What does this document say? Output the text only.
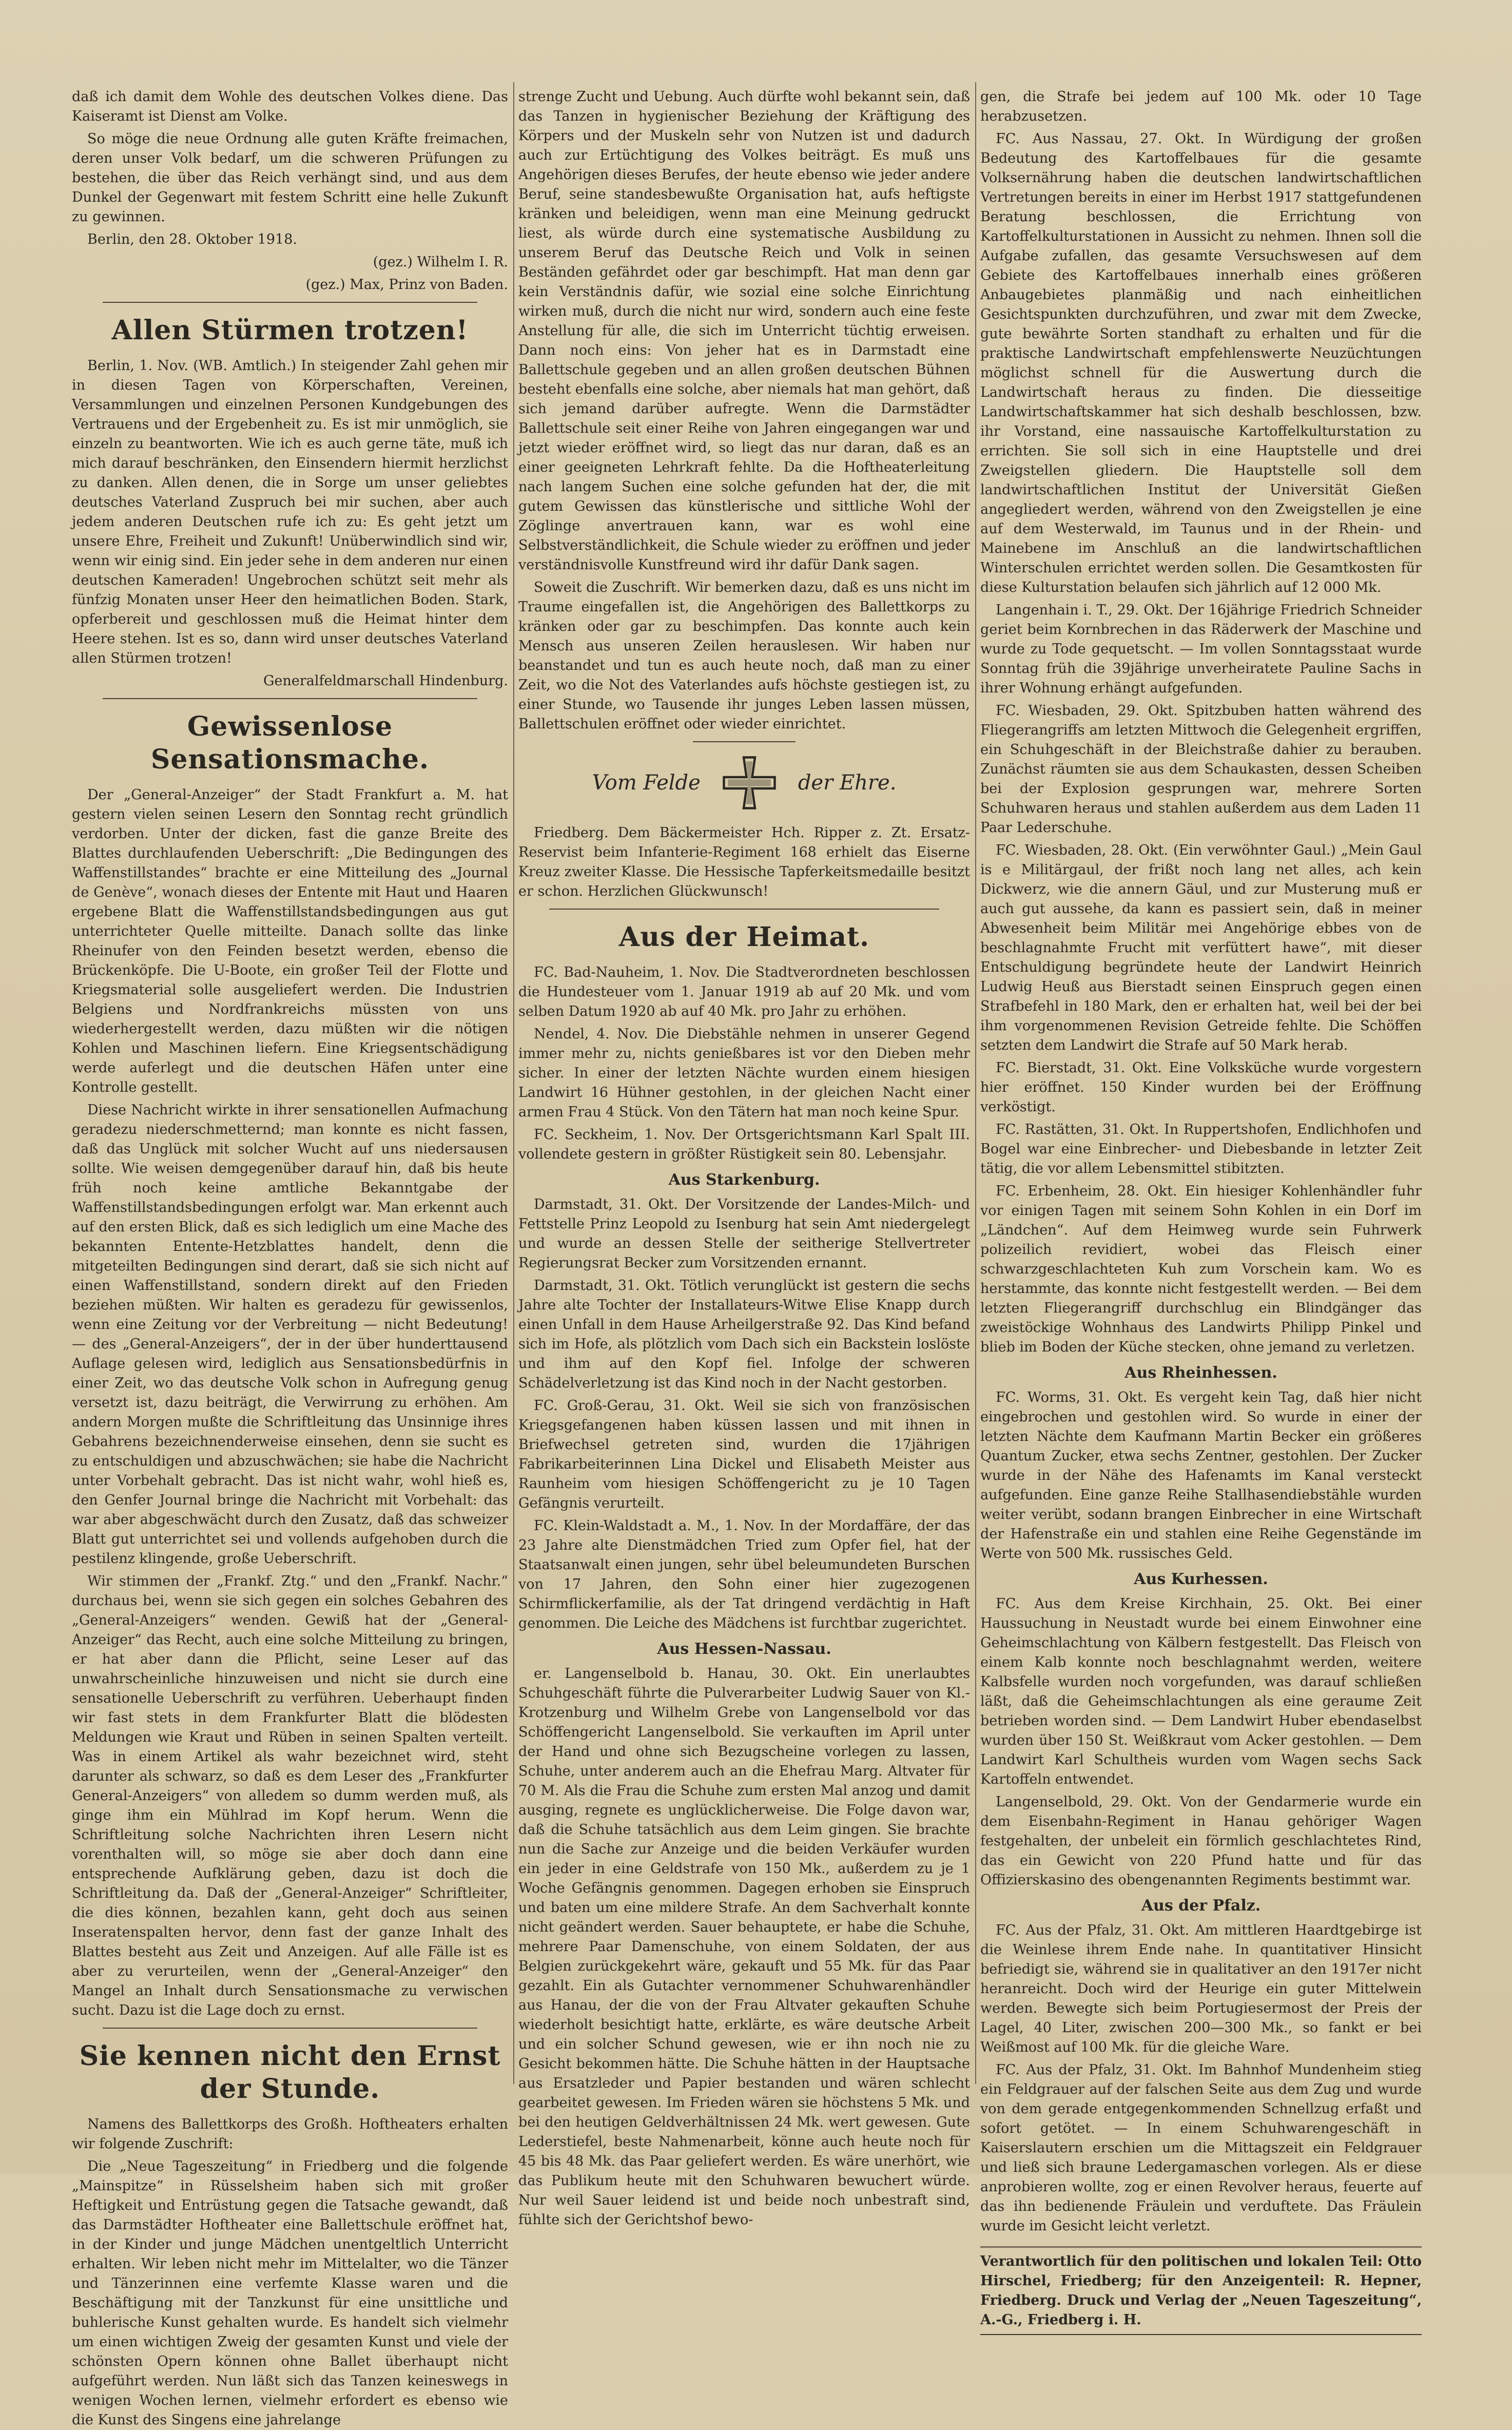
daß ich damit dem Wohle des deutschen Volkes diene. Das Kaiseramt ist Dienst am Volke.

So möge die neue Ordnung alle guten Kräfte freimachen, deren unser Volk bedarf, um die schweren Prüfungen zu bestehen, die über das Reich verhängt sind, und aus dem Dunkel der Gegenwart mit festem Schritt eine helle Zukunft zu gewinnen.

Berlin, den 28. Oktober 1918.

(gez.) Wilhelm I. R.

(gez.) Max, Prinz von Baden.

Allen Stürmen trotzen!

Berlin, 1. Nov. (WB. Amtlich.) In steigender Zahl gehen mir in diesen Tagen von Körperschaften, Vereinen, Versammlungen und einzelnen Personen Kundgebungen des Vertrauens und der Ergebenheit zu. Es ist mir unmöglich, sie einzeln zu beantworten. Wie ich es auch gerne täte, muß ich mich darauf beschränken, den Einsendern hiermit herzlichst zu danken. Allen denen, die in Sorge um unser geliebtes deutsches Vaterland Zuspruch bei mir suchen, aber auch jedem anderen Deutschen rufe ich zu: Es geht jetzt um unsere Ehre, Freiheit und Zukunft! Unüberwindlich sind wir, wenn wir einig sind. Ein jeder sehe in dem anderen nur einen deutschen Kameraden! Ungebrochen schützt seit mehr als fünfzig Monaten unser Heer den heimatlichen Boden. Stark, opferbereit und geschlossen muß die Heimat hinter dem Heere stehen. Ist es so, dann wird unser deutsches Vaterland allen Stürmen trotzen!

Generalfeldmarschall Hindenburg.

Gewissenlose Sensationsmache.

Der „General-Anzeiger“ der Stadt Frankfurt a. M. hat gestern vielen seinen Lesern den Sonntag recht gründlich verdorben. Unter der dicken, fast die ganze Breite des Blattes durchlaufenden Ueberschrift: „Die Bedingungen des Waffenstillstandes“ brachte er eine Mitteilung des „Journal de Genève“, wonach dieses der Entente mit Haut und Haaren ergebene Blatt die Waffenstillstandsbedingungen aus gut unterrichteter Quelle mitteilte. Danach sollte das linke Rheinufer von den Feinden besetzt werden, ebenso die Brückenköpfe. Die U-Boote, ein großer Teil der Flotte und Kriegsmaterial solle ausgeliefert werden. Die Industrien Belgiens und Nordfrankreichs müssten von uns wiederhergestellt werden, dazu müßten wir die nötigen Kohlen und Maschinen liefern. Eine Kriegsentschädigung werde auferlegt und die deutschen Häfen unter eine Kontrolle gestellt.

Diese Nachricht wirkte in ihrer sensationellen Aufmachung geradezu niederschmetternd; man konnte es nicht fassen, daß das Unglück mit solcher Wucht auf uns niedersausen sollte. Wie weisen demgegenüber darauf hin, daß bis heute früh noch keine amtliche Bekanntgabe der Waffenstillstandsbedingungen erfolgt war. Man erkennt auch auf den ersten Blick, daß es sich lediglich um eine Mache des bekannten Entente-Hetzblattes handelt, denn die mitgeteilten Bedingungen sind derart, daß sie sich nicht auf einen Waffenstillstand, sondern direkt auf den Frieden beziehen müßten. Wir halten es geradezu für gewissenlos, wenn eine Zeitung vor der Verbreitung — nicht Bedeutung! — des „General-Anzeigers“, der in der über hunderttausend Auflage gelesen wird, lediglich aus Sensationsbedürfnis in einer Zeit, wo das deutsche Volk schon in Aufregung genug versetzt ist, dazu beiträgt, die Verwirrung zu erhöhen. Am andern Morgen mußte die Schriftleitung das Unsinnige ihres Gebahrens bezeichnenderweise einsehen, denn sie sucht es zu entschuldigen und abzuschwächen; sie habe die Nachricht unter Vorbehalt gebracht. Das ist nicht wahr, wohl hieß es, den Genfer Journal bringe die Nachricht mit Vorbehalt: das war aber abgeschwächt durch den Zusatz, daß das schweizer Blatt gut unterrichtet sei und vollends aufgehoben durch die pestilenz klingende, große Ueberschrift.

Wir stimmen der „Frankf. Ztg.“ und den „Frankf. Nachr.“ durchaus bei, wenn sie sich gegen ein solches Gebahren des „General-Anzeigers“ wenden. Gewiß hat der „General-Anzeiger“ das Recht, auch eine solche Mitteilung zu bringen, er hat aber dann die Pflicht, seine Leser auf das unwahrscheinliche hinzuweisen und nicht sie durch eine sensationelle Ueberschrift zu verführen. Ueberhaupt finden wir fast stets in dem Frankfurter Blatt die blödesten Meldungen wie Kraut und Rüben in seinen Spalten verteilt. Was in einem Artikel als wahr bezeichnet wird, steht darunter als schwarz, so daß es dem Leser des „Frankfurter General-Anzeigers“ von alledem so dumm werden muß, als ginge ihm ein Mühlrad im Kopf herum. Wenn die Schriftleitung solche Nachrichten ihren Lesern nicht vorenthalten will, so möge sie aber doch dann eine entsprechende Aufklärung geben, dazu ist doch die Schriftleitung da. Daß der „General-Anzeiger“ Schriftleiter, die dies können, bezahlen kann, geht doch aus seinen Inseratenspalten hervor, denn fast der ganze Inhalt des Blattes besteht aus Zeit und Anzeigen. Auf alle Fälle ist es aber zu verurteilen, wenn der „General-Anzeiger“ den Mangel an Inhalt durch Sensationsmache zu verwischen sucht. Dazu ist die Lage doch zu ernst.

Sie kennen nicht den Ernst der Stunde.

Namens des Ballettkorps des Großh. Hoftheaters erhalten wir folgende Zuschrift:

Die „Neue Tageszeitung“ in Friedberg und die folgende „Mainspitze“ in Rüsselsheim haben sich mit großer Heftigkeit und Entrüstung gegen die Tatsache gewandt, daß das Darmstädter Hoftheater eine Ballettschule eröffnet hat, in der Kinder und junge Mädchen unentgeltlich Unterricht erhalten. Wir leben nicht mehr im Mittelalter, wo die Tänzer und Tänzerinnen eine verfemte Klasse waren und die Beschäftigung mit der Tanzkunst für eine unsittliche und buhlerische Kunst gehalten wurde. Es handelt sich vielmehr um einen wichtigen Zweig der gesamten Kunst und viele der schönsten Opern können ohne Ballet überhaupt nicht aufgeführt werden. Nun läßt sich das Tanzen keineswegs in wenigen Wochen lernen, vielmehr erfordert es ebenso wie die Kunst des Singens eine jahrelange

strenge Zucht und Uebung. Auch dürfte wohl bekannt sein, daß das Tanzen in hygienischer Beziehung der Kräftigung des Körpers und der Muskeln sehr von Nutzen ist und dadurch auch zur Ertüchtigung des Volkes beiträgt. Es muß uns Angehörigen dieses Berufes, der heute ebenso wie jeder andere Beruf, seine standesbewußte Organisation hat, aufs heftigste kränken und beleidigen, wenn man eine Meinung gedruckt liest, als würde durch eine systematische Ausbildung zu unserem Beruf das Deutsche Reich und Volk in seinen Beständen gefährdet oder gar beschimpft. Hat man denn gar kein Verständnis dafür, wie sozial eine solche Einrichtung wirken muß, durch die nicht nur wird, sondern auch eine feste Anstellung für alle, die sich im Unterricht tüchtig erweisen. Dann noch eins: Von jeher hat es in Darmstadt eine Ballettschule gegeben und an allen großen deutschen Bühnen besteht ebenfalls eine solche, aber niemals hat man gehört, daß sich jemand darüber aufregte. Wenn die Darmstädter Ballettschule seit einer Reihe von Jahren eingegangen war und jetzt wieder eröffnet wird, so liegt das nur daran, daß es an einer geeigneten Lehrkraft fehlte. Da die Hoftheaterleitung nach langem Suchen eine solche gefunden hat der, die mit gutem Gewissen das künstlerische und sittliche Wohl der Zöglinge anvertrauen kann, war es wohl eine Selbstverständlichkeit, die Schule wieder zu eröffnen und jeder verständnisvolle Kunstfreund wird ihr dafür Dank sagen.

Soweit die Zuschrift. Wir bemerken dazu, daß es uns nicht im Traume eingefallen ist, die Angehörigen des Ballettkorps zu kränken oder gar zu beschimpfen. Das konnte auch kein Mensch aus unseren Zeilen herauslesen. Wir haben nur beanstandet und tun es auch heute noch, daß man zu einer Zeit, wo die Not des Vaterlandes aufs höchste gestiegen ist, zu einer Stunde, wo Tausende ihr junges Leben lassen müssen, Ballettschulen eröffnet oder wieder einrichtet.

Vom Felde	der Ehre.

Friedberg. Dem Bäckermeister Hch. Ripper z. Zt. Ersatz-Reservist beim Infanterie-Regiment 168 erhielt das Eiserne Kreuz zweiter Klasse. Die Hessische Tapferkeitsmedaille besitzt er schon. Herzlichen Glückwunsch!

Aus der Heimat.

FC. Bad-Nauheim, 1. Nov. Die Stadtverordneten beschlossen die Hundesteuer vom 1. Januar 1919 ab auf 20 Mk. und vom selben Datum 1920 ab auf 40 Mk. pro Jahr zu erhöhen.

Nendel, 4. Nov. Die Diebstähle nehmen in unserer Gegend immer mehr zu, nichts genießbares ist vor den Dieben mehr sicher. In einer der letzten Nächte wurden einem hiesigen Landwirt 16 Hühner gestohlen, in der gleichen Nacht einer armen Frau 4 Stück. Von den Tätern hat man noch keine Spur.

FC. Seckheim, 1. Nov. Der Ortsgerichtsmann Karl Spalt III. vollendete gestern in größter Rüstigkeit sein 80. Lebensjahr.

Aus Starkenburg.

Darmstadt, 31. Okt. Der Vorsitzende der Landes-Milch- und Fettstelle Prinz Leopold zu Isenburg hat sein Amt niedergelegt und wurde an dessen Stelle der seitherige Stellvertreter Regierungsrat Becker zum Vorsitzenden ernannt.

Darmstadt, 31. Okt. Tötlich verunglückt ist gestern die sechs Jahre alte Tochter der Installateurs-Witwe Elise Knapp durch einen Unfall in dem Hause Arheilgerstraße 92. Das Kind befand sich im Hofe, als plötzlich vom Dach sich ein Backstein loslöste und ihm auf den Kopf fiel. Infolge der schweren Schädelverletzung ist das Kind noch in der Nacht gestorben.

FC. Groß-Gerau, 31. Okt. Weil sie sich von französischen Kriegsgefangenen haben küssen lassen und mit ihnen in Briefwechsel getreten sind, wurden die 17jährigen Fabrikarbeiterinnen Lina Dickel und Elisabeth Meister aus Raunheim vom hiesigen Schöffengericht zu je 10 Tagen Gefängnis verurteilt.

FC. Klein-Waldstadt a. M., 1. Nov. In der Mordaffäre, der das 23 Jahre alte Dienstmädchen Tried zum Opfer fiel, hat der Staatsanwalt einen jungen, sehr übel beleumundeten Burschen von 17 Jahren, den Sohn einer hier zugezogenen Schirmflickerfamilie, als der Tat dringend verdächtig in Haft genommen. Die Leiche des Mädchens ist furchtbar zugerichtet.

Aus Hessen-Nassau.

er. Langenselbold b. Hanau, 30. Okt. Ein unerlaubtes Schuhgeschäft führte die Pulverarbeiter Ludwig Sauer von Kl.-Krotzenburg und Wilhelm Grebe von Langenselbold vor das Schöffengericht Langenselbold. Sie verkauften im April unter der Hand und ohne sich Bezugscheine vorlegen zu lassen, Schuhe, unter anderem auch an die Ehefrau Marg. Altvater für 70 M. Als die Frau die Schuhe zum ersten Mal anzog und damit ausging, regnete es unglücklicherweise. Die Folge davon war, daß die Schuhe tatsächlich aus dem Leim gingen. Sie brachte nun die Sache zur Anzeige und die beiden Verkäufer wurden ein jeder in eine Geldstrafe von 150 Mk., außerdem zu je 1 Woche Gefängnis genommen. Dagegen erhoben sie Einspruch und baten um eine mildere Strafe. An dem Sachverhalt konnte nicht geändert werden. Sauer behauptete, er habe die Schuhe, mehrere Paar Damenschuhe, von einem Soldaten, der aus Belgien zurückgekehrt wäre, gekauft und 55 Mk. für das Paar gezahlt. Ein als Gutachter vernommener Schuhwarenhändler aus Hanau, der die von der Frau Altvater gekauften Schuhe wiederholt besichtigt hatte, erklärte, es wäre deutsche Arbeit und ein solcher Schund gewesen, wie er ihn noch nie zu Gesicht bekommen hätte. Die Schuhe hätten in der Hauptsache aus Ersatzleder und Papier bestanden und wären schlecht gearbeitet gewesen. Im Frieden wären sie höchstens 5 Mk. und bei den heutigen Geldverhältnissen 24 Mk. wert gewesen. Gute Lederstiefel, beste Nahmenarbeit, könne auch heute noch für 45 bis 48 Mk. das Paar geliefert werden. Es wäre unerhört, wie das Publikum heute mit den Schuhwaren bewuchert würde. Nur weil Sauer leidend ist und beide noch unbestraft sind, fühlte sich der Gerichtshof bewo-

gen, die Strafe bei jedem auf 100 Mk. oder 10 Tage herabzusetzen.

FC. Aus Nassau, 27. Okt. In Würdigung der großen Bedeutung des Kartoffelbaues für die gesamte Volksernährung haben die deutschen landwirtschaftlichen Vertretungen bereits in einer im Herbst 1917 stattgefundenen Beratung beschlossen, die Errichtung von Kartoffelkulturstationen in Aussicht zu nehmen. Ihnen soll die Aufgabe zufallen, das gesamte Versuchswesen auf dem Gebiete des Kartoffelbaues innerhalb eines größeren Anbaugebietes planmäßig und nach einheitlichen Gesichtspunkten durchzuführen, und zwar mit dem Zwecke, gute bewährte Sorten standhaft zu erhalten und für die praktische Landwirtschaft empfehlenswerte Neuzüchtungen möglichst schnell für die Auswertung durch die Landwirtschaft heraus zu finden. Die diesseitige Landwirtschaftskammer hat sich deshalb beschlossen, bzw. ihr Vorstand, eine nassauische Kartoffelkulturstation zu errichten. Sie soll sich in eine Hauptstelle und drei Zweigstellen gliedern. Die Hauptstelle soll dem landwirtschaftlichen Institut der Universität Gießen angegliedert werden, während von den Zweigstellen je eine auf dem Westerwald, im Taunus und in der Rhein- und Mainebene im Anschluß an die landwirtschaftlichen Winterschulen errichtet werden sollen. Die Gesamtkosten für diese Kulturstation belaufen sich jährlich auf 12 000 Mk.

Langenhain i. T., 29. Okt. Der 16jährige Friedrich Schneider geriet beim Kornbrechen in das Räderwerk der Maschine und wurde zu Tode gequetscht. — Im vollen Sonntagsstaat wurde Sonntag früh die 39jährige unverheiratete Pauline Sachs in ihrer Wohnung erhängt aufgefunden.

FC. Wiesbaden, 29. Okt. Spitzbuben hatten während des Fliegerangriffs am letzten Mittwoch die Gelegenheit ergriffen, ein Schuhgeschäft in der Bleichstraße dahier zu berauben. Zunächst räumten sie aus dem Schaukasten, dessen Scheiben bei der Explosion gesprungen war, mehrere Sorten Schuhwaren heraus und stahlen außerdem aus dem Laden 11 Paar Lederschuhe.

FC. Wiesbaden, 28. Okt. (Ein verwöhnter Gaul.) „Mein Gaul is e Militärgaul, der frißt noch lang net alles, ach kein Dickwerz, wie die annern Gäul, und zur Musterung muß er auch gut aussehe, da kann es passiert sein, daß in meiner Abwesenheit beim Militär mei Angehörige ebbes von de beschlagnahmte Frucht mit verfüttert hawe“, mit dieser Entschuldigung begründete heute der Landwirt Heinrich Ludwig Heuß aus Bierstadt seinen Einspruch gegen einen Strafbefehl in 180 Mark, den er erhalten hat, weil bei der bei ihm vorgenommenen Revision Getreide fehlte. Die Schöffen setzten dem Landwirt die Strafe auf 50 Mark herab.

FC. Bierstadt, 31. Okt. Eine Volksküche wurde vorgestern hier eröffnet. 150 Kinder wurden bei der Eröffnung verköstigt.

FC. Rastätten, 31. Okt. In Ruppertshofen, Endlichhofen und Bogel war eine Einbrecher- und Diebesbande in letzter Zeit tätig, die vor allem Lebensmittel stibitzten.

FC. Erbenheim, 28. Okt. Ein hiesiger Kohlenhändler fuhr vor einigen Tagen mit seinem Sohn Kohlen in ein Dorf im „Ländchen“. Auf dem Heimweg wurde sein Fuhrwerk polizeilich revidiert, wobei das Fleisch einer schwarzgeschlachteten Kuh zum Vorschein kam. Wo es herstammte, das konnte nicht festgestellt werden. — Bei dem letzten Fliegerangriff durchschlug ein Blindgänger das zweistöckige Wohnhaus des Landwirts Philipp Pinkel und blieb im Boden der Küche stecken, ohne jemand zu verletzen.

Aus Rheinhessen.

FC. Worms, 31. Okt. Es vergeht kein Tag, daß hier nicht eingebrochen und gestohlen wird. So wurde in einer der letzten Nächte dem Kaufmann Martin Becker ein größeres Quantum Zucker, etwa sechs Zentner, gestohlen. Der Zucker wurde in der Nähe des Hafenamts im Kanal versteckt aufgefunden. Eine ganze Reihe Stallhasendiebstähle wurden weiter verübt, sodann brangen Einbrecher in eine Wirtschaft der Hafenstraße ein und stahlen eine Reihe Gegenstände im Werte von 500 Mk. russisches Geld.

Aus Kurhessen.

FC. Aus dem Kreise Kirchhain, 25. Okt. Bei einer Haussuchung in Neustadt wurde bei einem Einwohner eine Geheimschlachtung von Kälbern festgestellt. Das Fleisch von einem Kalb konnte noch beschlagnahmt werden, weitere Kalbsfelle wurden noch vorgefunden, was darauf schließen läßt, daß die Geheimschlachtungen als eine geraume Zeit betrieben worden sind. — Dem Landwirt Huber ebendaselbst wurden über 150 St. Weißkraut vom Acker gestohlen. — Dem Landwirt Karl Schultheis wurden vom Wagen sechs Sack Kartoffeln entwendet.

Langenselbold, 29. Okt. Von der Gendarmerie wurde ein dem Eisenbahn-Regiment in Hanau gehöriger Wagen festgehalten, der unbeleit ein förmlich geschlachtetes Rind, das ein Gewicht von 220 Pfund hatte und für das Offizierskasino des obengenannten Regiments bestimmt war.

Aus der Pfalz.

FC. Aus der Pfalz, 31. Okt. Am mittleren Haardtgebirge ist die Weinlese ihrem Ende nahe. In quantitativer Hinsicht befriedigt sie, während sie in qualitativer an den 1917er nicht heranreicht. Doch wird der Heurige ein guter Mittelwein werden. Bewegte sich beim Portugiesermost der Preis der Lagel, 40 Liter, zwischen 200—300 Mk., so fankt er bei Weißmost auf 100 Mk. für die gleiche Ware.

FC. Aus der Pfalz, 31. Okt. Im Bahnhof Mundenheim stieg ein Feldgrauer auf der falschen Seite aus dem Zug und wurde von dem gerade entgegenkommenden Schnellzug erfaßt und sofort getötet. — In einem Schuhwarengeschäft in Kaiserslautern erschien um die Mittagszeit ein Feldgrauer und ließ sich braune Ledergamaschen vorlegen. Als er diese anprobieren wollte, zog er einen Revolver heraus, feuerte auf das ihn bedienende Fräulein und verduftete. Das Fräulein wurde im Gesicht leicht verletzt.

Verantwortlich für den politischen und lokalen Teil: Otto Hirschel, Friedberg; für den Anzeigenteil: R. Hepner, Friedberg. Druck und Verlag der „Neuen Tageszeitung“, A.-G., Friedberg i. H.
